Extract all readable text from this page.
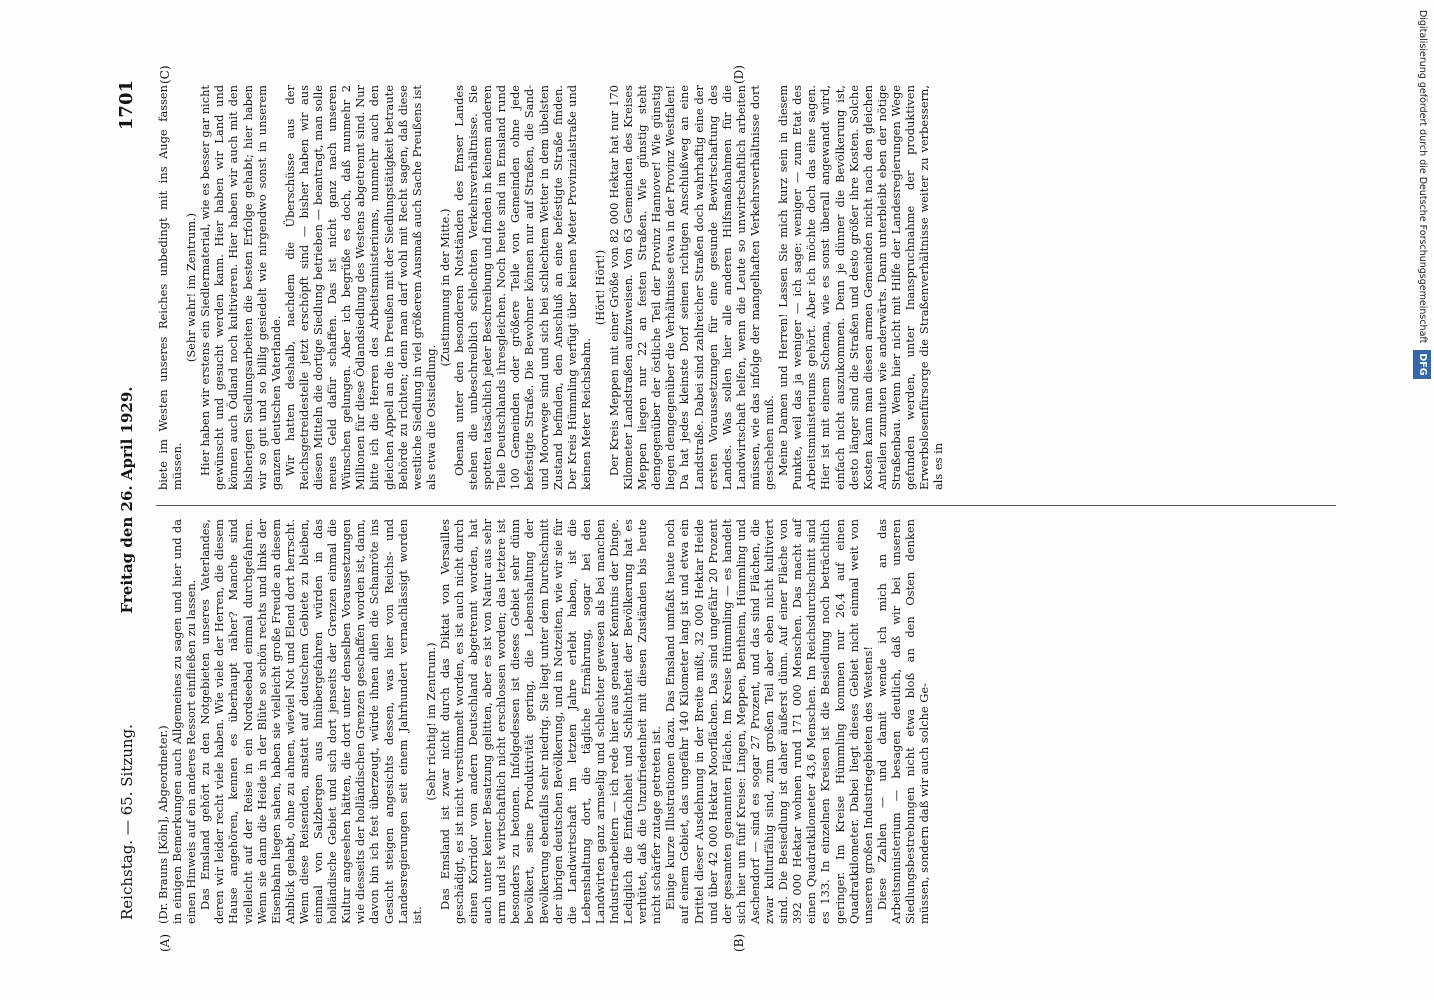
Reichstag. — 65. Sitzung.
Freitag den 26. April 1929.
1701
(A)	(B)
(C)	(D)

(Dr. Brauns [Köln], Abgeordneter.) in einigen Bemerkungen auch Allgemeines zu sagen und hier und da einen Hinweis auf ein anderes Ressort einfließen zu lassen. Das Emsland gehört zu den Notgebieten unseres Vaterlandes, deren wir leider recht viele haben. Wie viele der Herren, die diesem Hause angehören, kennen es überhaupt näher? Manche sind vielleicht auf der Reise in ein Nordseebad einmal durchgefahren. Wenn sie dann die Heide in der Blüte so schön rechts und links der Eisenbahn liegen sahen, haben sie vielleicht große Freude an diesem Anblick gehabt, ohne zu ahnen, wieviel Not und Elend dort herrscht. Wenn diese Reisenden, anstatt auf deutschem Gebiete zu bleiben, einmal von Salzbergen aus hinübergefahren würden in das holländische Gebiet und sich dort jenseits der Grenzen einmal die Kultur angesehen hätten, die dort unter denselben Voraussetzungen wie diesseits der holländischen Grenzen geschaffen worden ist, dann, davon bin ich fest überzeugt, würde ihnen allen die Schamröte ins Gesicht steigen angesichts dessen, was hier von Reichs- und Landesregierungen seit einem Jahrhundert vernachlässigt worden ist.

(Sehr richtig! im Zentrum.) Das Emsland ist zwar nicht durch das Diktat von Versailles geschädigt, es ist nicht verstümmelt worden, es ist auch nicht durch einen Korridor vom andern Deutschland abgetrennt worden, hat auch unter keiner Besatzung gelitten, aber es ist von Natur aus sehr arm und ist wirtschaftlich nicht erschlossen worden; das letztere ist besonders zu betonen. Infolgedessen ist dieses Gebiet sehr dünn bevölkert, seine Produktivität gering, die Lebenshaltung der Bevölkerung ebenfalls sehr niedrig. Sie liegt unter dem Durchschnitt der übrigen deutschen Bevölkerung, und in Notzeiten, wie wir sie für die Landwirtschaft im letzten Jahre erlebt haben, ist die Lebenshaltung dort, die tägliche Ernährung, sogar bei den Landwirten ganz armselig und schlechter gewesen als bei manchen Industriearbeitern — ich rede hier aus genauer Kenntnis der Dinge. Lediglich die Einfachheit und Schlichtheit der Bevölkerung hat es verhütet, daß die Unzufriedenheit mit diesen Zuständen bis heute nicht schärfer zutage getreten ist. Einige kurze Illustrationen dazu. Das Emsland umfaßt heute noch auf einem Gebiet, das ungefähr 140 Kilometer lang ist und etwa ein Drittel dieser Ausdehnung in der Breite mißt, 32 000 Hektar Heide und über 42 000 Hektar Moorflächen. Das sind ungefähr 20 Prozent der gesamten genannten Fläche. Im Kreise Hümmling — es handelt sich hier um fünf Kreise: Lingen, Meppen, Bentheim, Hümmling und Aschendorf — sind es sogar 27 Prozent, und das sind Flächen, die zwar kulturfähig sind, zum großen Teil aber eben nicht kultiviert sind. Die Besiedlung ist daher äußerst dünn. Auf einer Fläche von 392 000 Hektar wohnen rund 171 000 Menschen. Das macht auf einen Quadratkilometer 43,6 Menschen. Im Reichsdurchschnitt sind es 133. In einzelnen Kreisen ist die Besiedlung noch beträchtlich geringer. Im Kreise Hümmling kommen nur 26,4 auf einen Quadratkilometer. Dabei liegt dieses Gebiet nicht einmal weit von unseren großen Industriegebieten des Westens! Diese Zahlen — und damit wende ich mich an das Arbeitsministerium — besagen deutlich, daß wir bei unseren Siedlungsbestrebungen nicht etwa bloß an den Osten denken müssen, sondern daß wir auch solche Ge-

biete im Westen unseres Reiches unbedingt mit ins Auge fassen müssen.

(Sehr wahr! im Zentrum.) Hier haben wir erstens ein Siedlermaterial, wie es besser gar nicht gewünscht und gesucht werden kann. Hier haben wir Land und können auch Ödland noch kultivieren. Hier haben wir auch mit den bisherigen Siedlungsarbeiten die besten Erfolge gehabt; hier haben wir so gut und so billig gesiedelt wie nirgendwo sonst in unserem ganzen deutschen Vaterlande. Wir hatten deshalb, nachdem die Überschüsse aus der Reichsgetreidestelle jetzt erschöpft sind — bisher haben wir aus diesen Mitteln die dortige Siedlung betrieben — beantragt, man solle neues Geld dafür schaffen. Das ist nicht ganz nach unseren Wünschen gelungen. Aber ich begrüße es doch, daß nunmehr 2 Millionen für diese Ödlandsiedlung des Westens abgetrennt sind. Nur bitte ich die Herren des Arbeitsministeriums, nunmehr auch den gleichen Appell an die in Preußen mit der Siedlungstätigkeit betraute Behörde zu richten; denn man darf wohl mit Recht sagen, daß diese westliche Siedlung in viel größerem Ausmaß auch Sache Preußens ist als etwa die Ostsiedlung.

(Zustimmung in der Mitte.) Obenan unter den besonderen Notständen des Emser Landes stehen die unbeschreiblich schlechten Verkehrsverhältnisse. Sie spotten tatsächlich jeder Beschreibung und finden in keinem anderen Teile Deutschlands ihresgleichen. Noch heute sind im Emsland rund 100 Gemeinden oder größere Teile von Gemeinden ohne jede befestigte Straße. Die Bewohner können nur auf Straßen, die Sand- und Moorwege sind und sich bei schlechtem Wetter in dem übelsten Zustand befinden, den Anschluß an eine befestigte Straße finden. Der Kreis Hümmling verfügt über keinen Meter Provinzialstraße und keinen Meter Reichsbahn.

(Hört! Hört!) Der Kreis Meppen mit einer Größe von 82 000 Hektar hat nur 170 Kilometer Landstraßen aufzuweisen. Von 63 Gemeinden des Kreises Meppen liegen nur 22 an festen Straßen. Wie günstig steht demgegenüber der östliche Teil der Provinz Hannover! Wie günstig liegen demgegenüber die Verhältnisse etwa in der Provinz Westfalen! Da hat jedes kleinste Dorf seinen richtigen Anschlußweg an eine Landstraße. Dabei sind zahlreicher Straßen doch wahrhaftig eine der ersten Voraussetzungen für eine gesunde Bewirtschaftung des Landes. Was sollen hier alle anderen Hilfsmaßnahmen für die Landwirtschaft helfen, wenn die Leute so unwirtschaftlich arbeiten müssen, wie das infolge der mangelhaften Verkehrsverhältnisse dort geschehen muß. Meine Damen und Herren! Lassen Sie mich kurz sein in diesem Punkte, weil das ja weniger — ich sage: weniger — zum Etat des Arbeitsministeriums gehört. Aber ich möchte doch das eine sagen. Hier ist mit einem Schema, wie es sonst überall angewandt wird, einfach nicht auszukommen. Denn je dünner die Bevölkerung ist, desto länger sind die Straßen und desto größer ihre Kosten. Solche Kosten kann man diesen armen Gemeinden nicht nach den gleichen Anteilen zumuten wie anderwärts. Dann unterbleibt eben der nötige Straßenbau. Wenn hier nicht mit Hilfe der Landesregierungen Wege gefunden werden, unter Inanspruchnahme der produktiven Erwerbslosenfürsorge die Straßenverhältnisse weiter zu verbessern, als es in

Digitalisierung gefördert durch die Deutsche Forschungsgemeinschaft DFG
